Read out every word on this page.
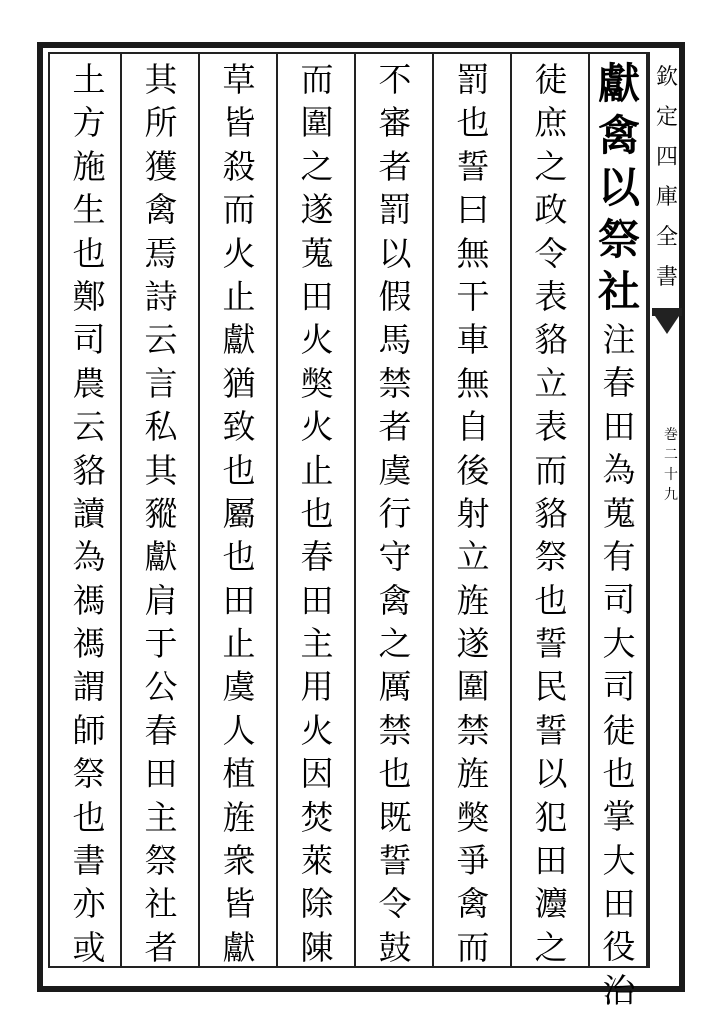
獻
禽
以
祭
社
注
春
田
為
蒐
有
司
大
司
徒
也
掌
大
田
役
治
徒
庶
之
政
令
表
貉
立
表
而
貉
祭
也
誓
民
誓
以
犯
田
灋
之
罰
也
誓
曰
無
干
車
無
自
後
射
立
旌
遂
圍
禁
旌
獘
爭
禽
而
不
審
者
罰
以
假
馬
禁
者
虞
行
守
禽
之
厲
禁
也
既
誓
令
鼓
而
圍
之
遂
蒐
田
火
獘
火
止
也
春
田
主
用
火
因
焚
萊
除
陳
草
皆
殺
而
火
止
獻
猶
致
也
屬
也
田
止
虞
人
植
旌
衆
皆
獻
其
所
獲
禽
焉
詩
云
言
私
其
豵
獻
肩
于
公
春
田
主
祭
社
者
土
方
施
生
也
鄭
司
農
云
貉
讀
為
禡
禡
謂
師
祭
也
書
亦
或
欽
定
四
庫
全
書
巻
二
十
九
